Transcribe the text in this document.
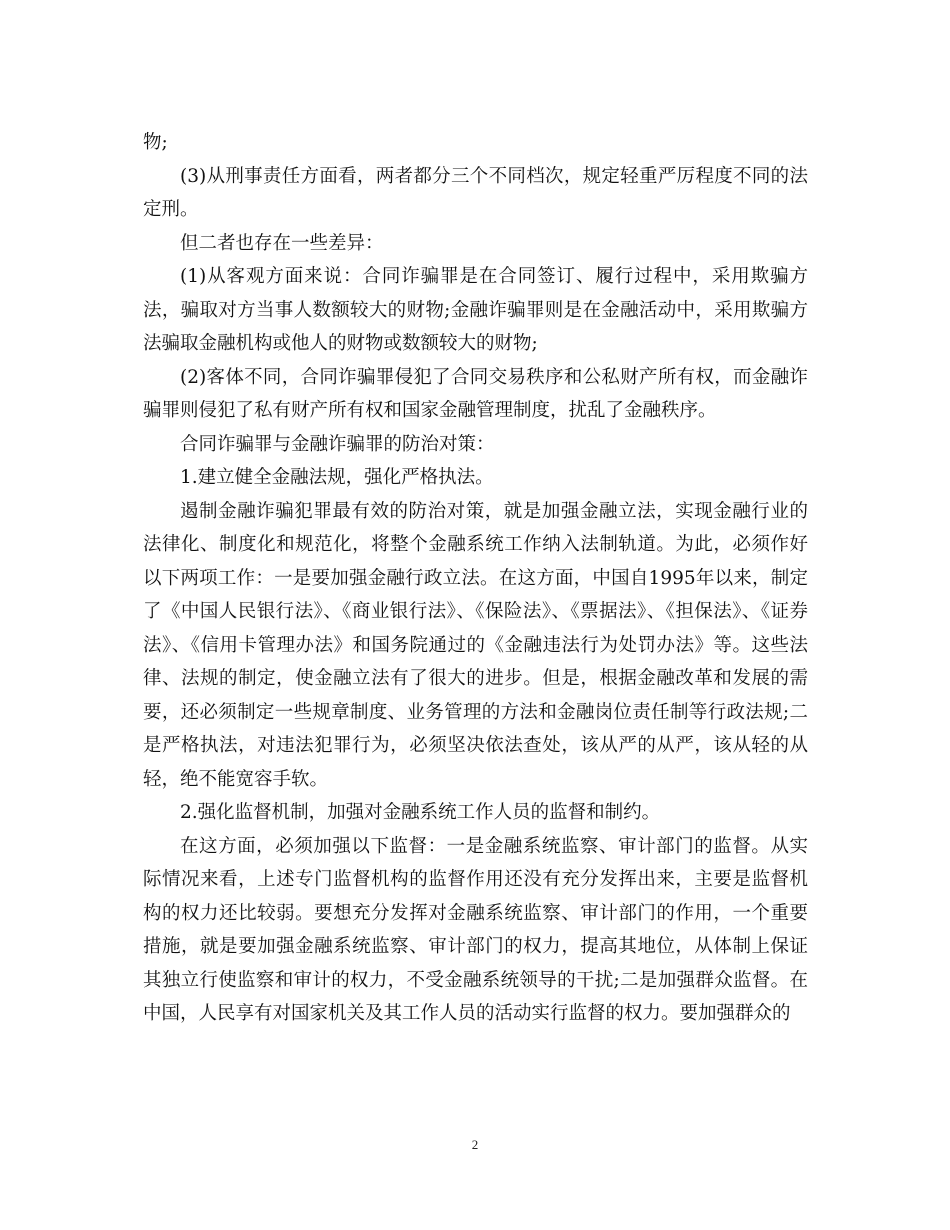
物;

(3)从刑事责任方面看，两者都分三个不同档次，规定轻重严厉程度不同的法定刑。

但二者也存在一些差异：

(1)从客观方面来说：合同诈骗罪是在合同签订、履行过程中，采用欺骗方法，骗取对方当事人数额较大的财物;金融诈骗罪则是在金融活动中，采用欺骗方法骗取金融机构或他人的财物或数额较大的财物;

(2)客体不同，合同诈骗罪侵犯了合同交易秩序和公私财产所有权，而金融诈骗罪则侵犯了私有财产所有权和国家金融管理制度，扰乱了金融秩序。

合同诈骗罪与金融诈骗罪的防治对策：

1.建立健全金融法规，强化严格执法。

遏制金融诈骗犯罪最有效的防治对策，就是加强金融立法，实现金融行业的法律化、制度化和规范化，将整个金融系统工作纳入法制轨道。为此，必须作好以下两项工作：一是要加强金融行政立法。在这方面，中国自1995年以来，制定了《中国人民银行法》、《商业银行法》、《保险法》、《票据法》、《担保法》、《证券法》、《信用卡管理办法》和国务院通过的《金融违法行为处罚办法》等。这些法律、法规的制定，使金融立法有了很大的进步。但是，根据金融改革和发展的需要，还必须制定一些规章制度、业务管理的方法和金融岗位责任制等行政法规;二是严格执法，对违法犯罪行为，必须坚决依法查处，该从严的从严，该从轻的从轻，绝不能宽容手软。

2.强化监督机制，加强对金融系统工作人员的监督和制约。

在这方面，必须加强以下监督：一是金融系统监察、审计部门的监督。从实际情况来看，上述专门监督机构的监督作用还没有充分发挥出来，主要是监督机构的权力还比较弱。要想充分发挥对金融系统监察、审计部门的作用，一个重要措施，就是要加强金融系统监察、审计部门的权力，提高其地位，从体制上保证其独立行使监察和审计的权力，不受金融系统领导的干扰;二是加强群众监督。在中国，人民享有对国家机关及其工作人员的活动实行监督的权力。要加强群众的

2
